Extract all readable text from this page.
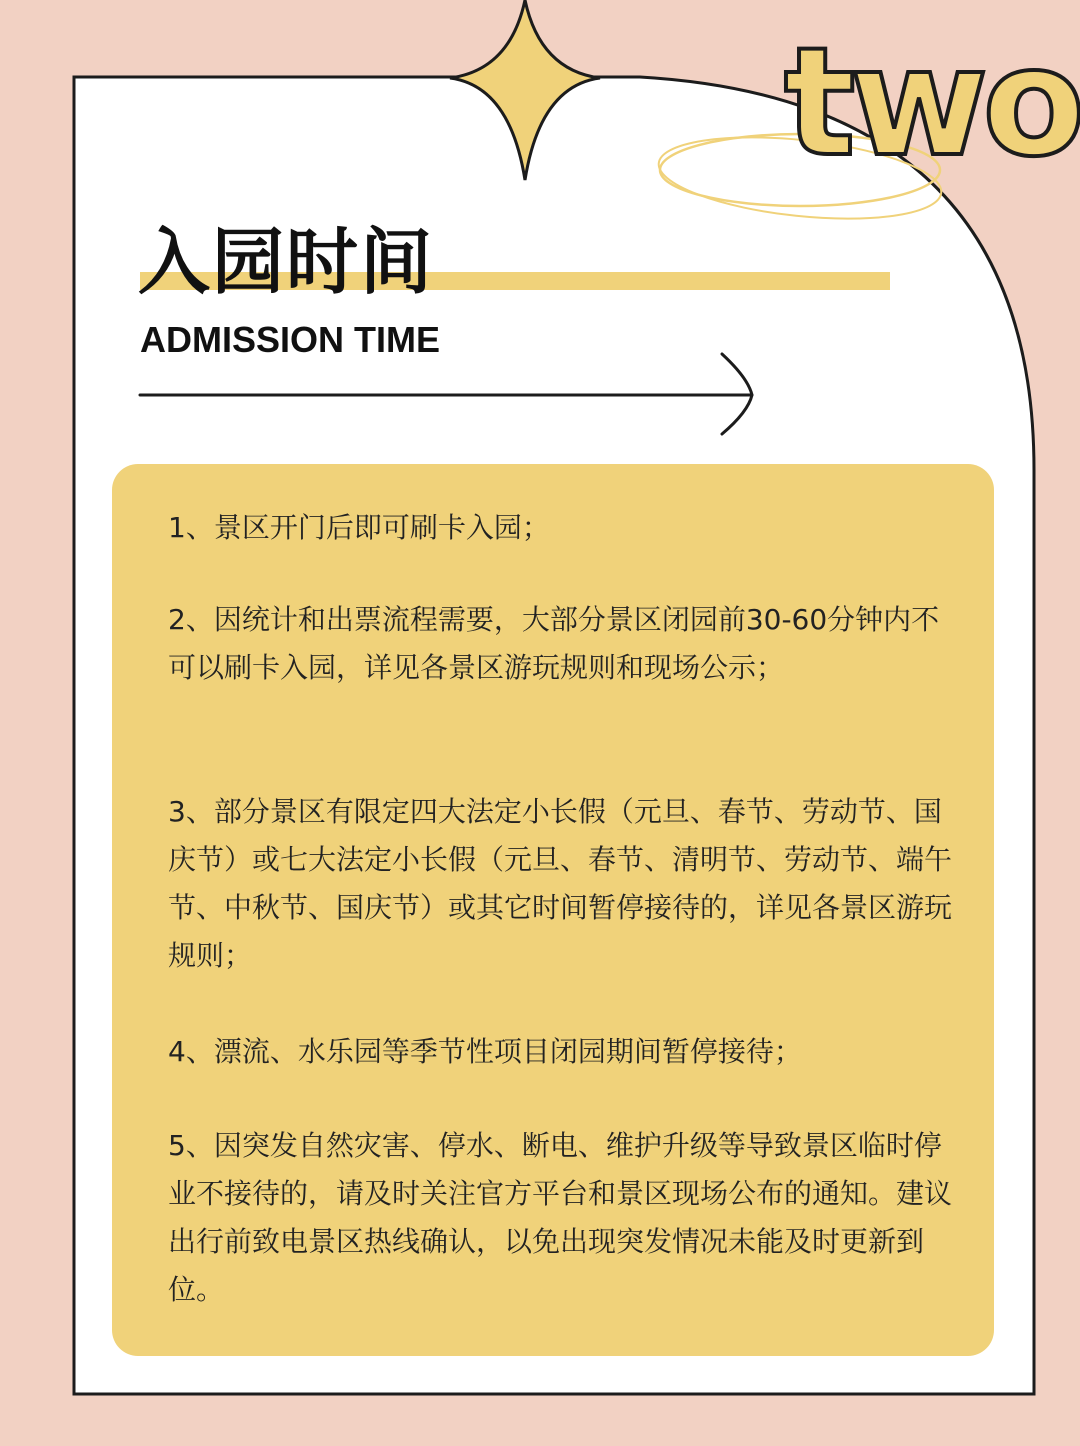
two
入园时间
ADMISSION TIME
1、景区开门后即可刷卡入园；
2、因统计和出票流程需要，大部分景区闭园前30-60分钟内不可以刷卡入园，详见各景区游玩规则和现场公示；
3、部分景区有限定四大法定小长假（元旦、春节、劳动节、国庆节）或七大法定小长假（元旦、春节、清明节、劳动节、端午节、中秋节、国庆节）或其它时间暂停接待的，详见各景区游玩规则；
4、漂流、水乐园等季节性项目闭园期间暂停接待；
5、因突发自然灾害、停水、断电、维护升级等导致景区临时停业不接待的，请及时关注官方平台和景区现场公布的通知。建议出行前致电景区热线确认，以免出现突发情况未能及时更新到位。
